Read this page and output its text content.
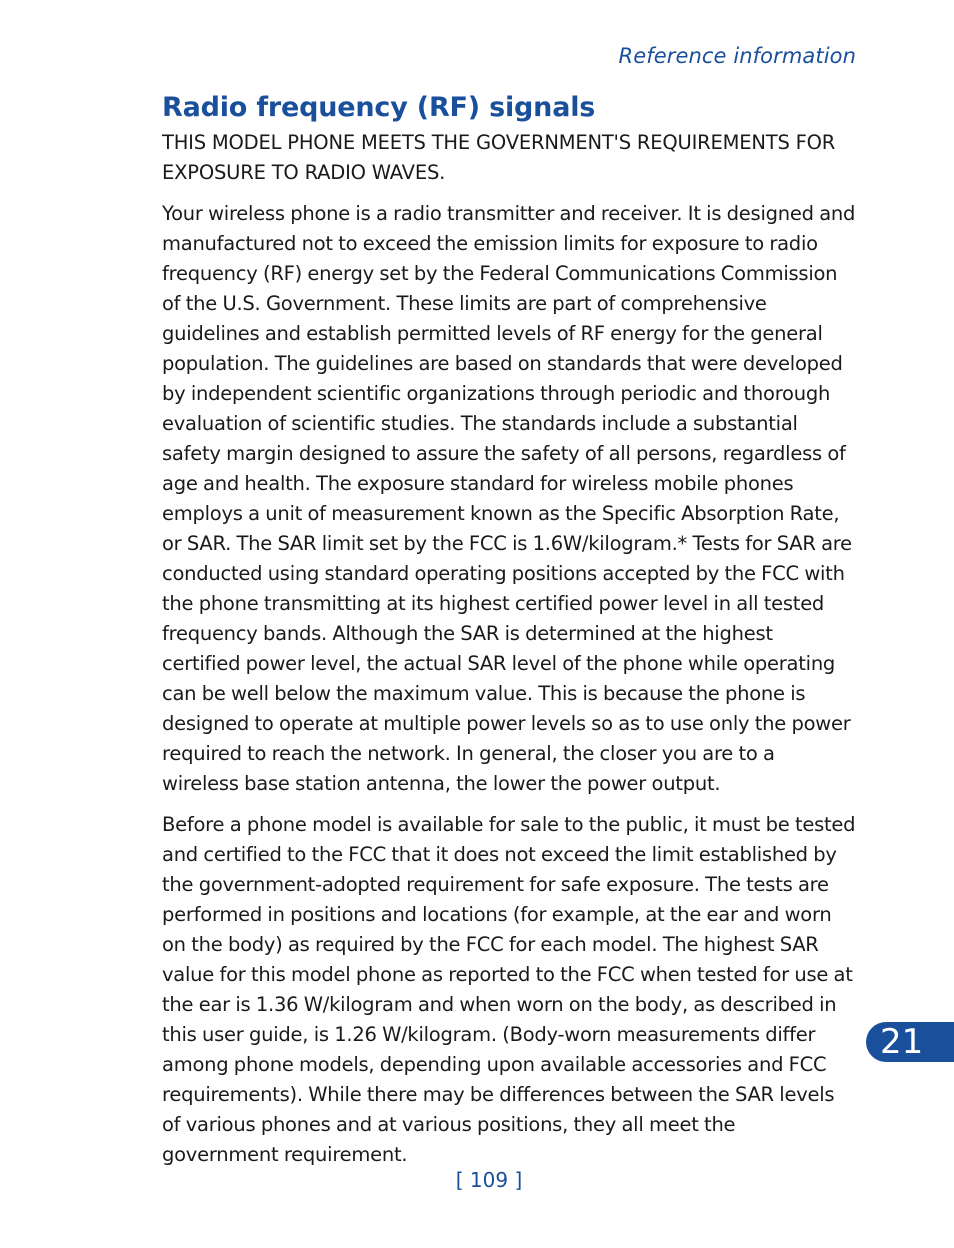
Reference information
Radio frequency (RF) signals

THIS MODEL PHONE MEETS THE GOVERNMENT'S REQUIREMENTS FOR EXPOSURE TO RADIO WAVES.

Your wireless phone is a radio transmitter and receiver. It is designed and manufactured not to exceed the emission limits for exposure to radio frequency (RF) energy set by the Federal Communications Commission of the U.S. Government. These limits are part of comprehensive guidelines and establish permitted levels of RF energy for the general population. The guidelines are based on standards that were developed by independent scientific organizations through periodic and thorough evaluation of scientific studies. The standards include a substantial safety margin designed to assure the safety of all persons, regardless of age and health. The exposure standard for wireless mobile phones employs a unit of measurement known as the Specific Absorption Rate, or SAR. The SAR limit set by the FCC is 1.6W/kilogram.* Tests for SAR are conducted using standard operating positions accepted by the FCC with the phone transmitting at its highest certified power level in all tested frequency bands. Although the SAR is determined at the highest certified power level, the actual SAR level of the phone while operating can be well below the maximum value. This is because the phone is designed to operate at multiple power levels so as to use only the power required to reach the network. In general, the closer you are to a wireless base station antenna, the lower the power output.

Before a phone model is available for sale to the public, it must be tested and certified to the FCC that it does not exceed the limit established by the government-adopted requirement for safe exposure. The tests are performed in positions and locations (for example, at the ear and worn on the body) as required by the FCC for each model. The highest SAR value for this model phone as reported to the FCC when tested for use at the ear is 1.36 W/kilogram and when worn on the body, as described in this user guide, is 1.26 W/kilogram. (Body-worn measurements differ among phone models, depending upon available accessories and FCC requirements). While there may be differences between the SAR levels of various phones and at various positions, they all meet the government requirement.

21
[ 109 ]
